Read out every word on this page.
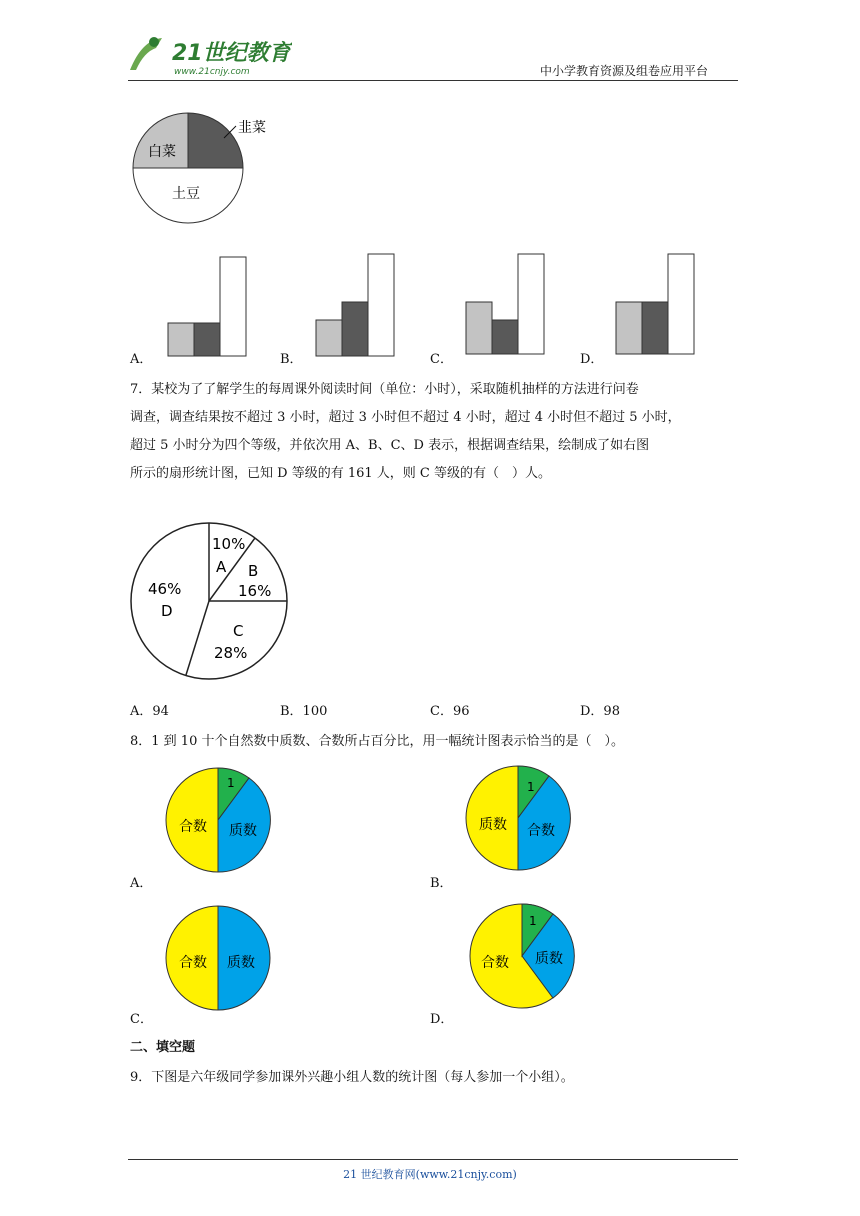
21世纪教育
www.21cnjy.com	中小学教育资源及组卷应用平台
韭菜
白菜
土豆
A．	B．	C．	D．
7．某校为了了解学生的每周课外阅读时间（单位：小时），采取随机抽样的方法进行问卷
调查，调查结果按不超过 3 小时，超过 3 小时但不超过 4 小时，超过 4 小时但不超过 5 小时，
超过 5 小时分为四个等级，并依次用 A、B、C、D 表示，根据调查结果，绘制成了如右图
所示的扇形统计图，已知 D 等级的有 161 人，则 C 等级的有（　）人。
10%
A B
16%
C
28%
46%
D
A．94	B．100	C．96	D．98
8．1 到 10 十个自然数中质数、合数所占百分比，用一幅统计图表示恰当的是（　）。
1
合数 质数
A．
1
质数 合数
B．
合数 质数
C．
1
合数 质数
D．
二、填空题
9．下图是六年级同学参加课外兴趣小组人数的统计图（每人参加一个小组）。
21 世纪教育网(www.21cnjy.com)
